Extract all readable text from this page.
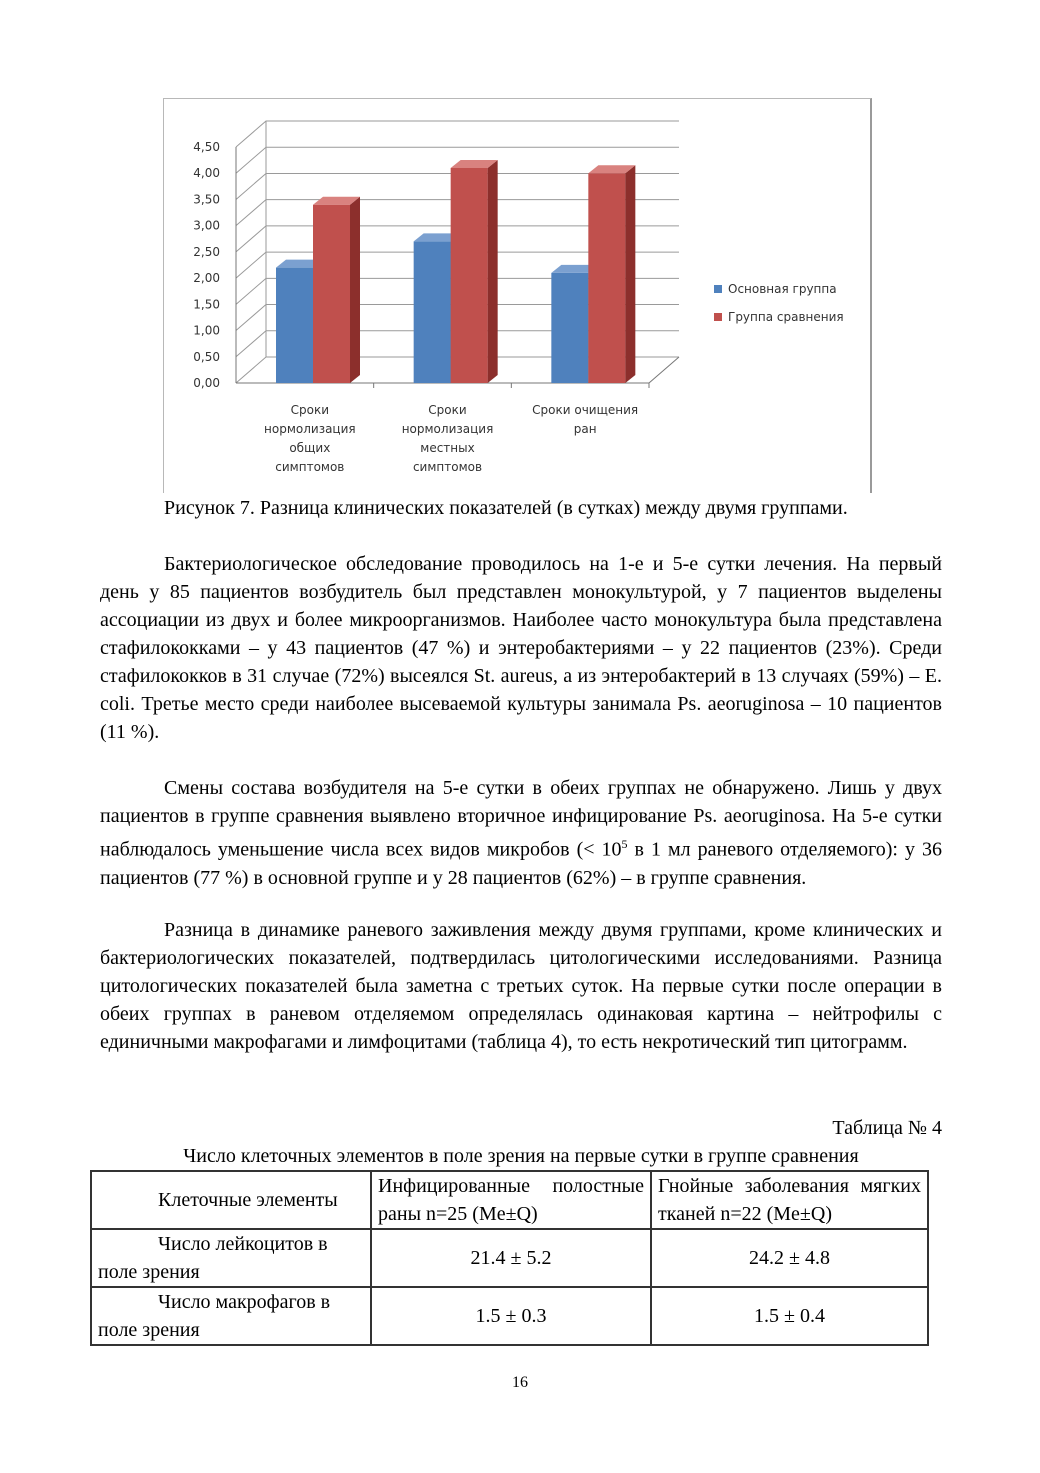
0,00
0,50
1,00
1,50
2,00
2,50
3,00
3,50
4,00
4,50
Сроки
нормолизация
общих
симптомов
Сроки
нормолизация
местных
симптомов
Сроки очищения
ран
Основная группа
Группа сравнения
Рисунок 7. Разница клинических показателей (в сутках) между двумя группами.
Бактериологическое обследование проводилось на 1-е и 5-е сутки лечения. На первый день у 85 пациентов возбудитель был представлен монокультурой, у 7 пациентов выделены ассоциации из двух и более микроорганизмов. Наиболее часто монокультура была представлена стафилококками – у 43 пациентов (47 %) и энтеробактериями – у 22 пациентов (23%). Среди стафилококков в 31 случае (72%) высеялся St. aureus, а из энтеробактерий в 13 случаях (59%) – E. coli. Третье место среди наиболее высеваемой культуры занимала Ps. aeoruginosa – 10 пациентов (11 %).
Смены состава возбудителя на 5-е сутки в обеих группах не обнаружено. Лишь у двух пациентов в группе сравнения выявлено вторичное инфицирование Ps. aeoruginosa. На 5-е сутки наблюдалось уменьшение числа всех видов микробов (< $10^5$ в 1 мл раневого отделяемого): у 36 пациентов (77 %) в основной группе и у 28 пациентов (62%) – в группе сравнения.
Разница в динамике раневого заживления между двумя группами, кроме клинических и бактериологических показателей, подтвердилась цитологическими исследованиями. Разница цитологических показателей была заметна с третьих суток. На первые сутки после операции в обеих группах в раневом отделяемом определялась одинаковая картина – нейтрофилы с единичными макрофагами и лимфоцитами (таблица 4), то есть некротический тип цитограмм.
Таблица № 4
Число клеточных элементов в поле зрения на первые сутки в группе сравнения
Клеточные элементы	Инфицированные полостные раны n=25 (Me±Q)	Гнойные заболевания мягких тканей n=22 (Me±Q)
Число лейкоцитов в поле зрения	21.4 ± 5.2	24.2 ± 4.8
Число макрофагов в поле зрения	1.5 ± 0.3	1.5 ± 0.4
16
